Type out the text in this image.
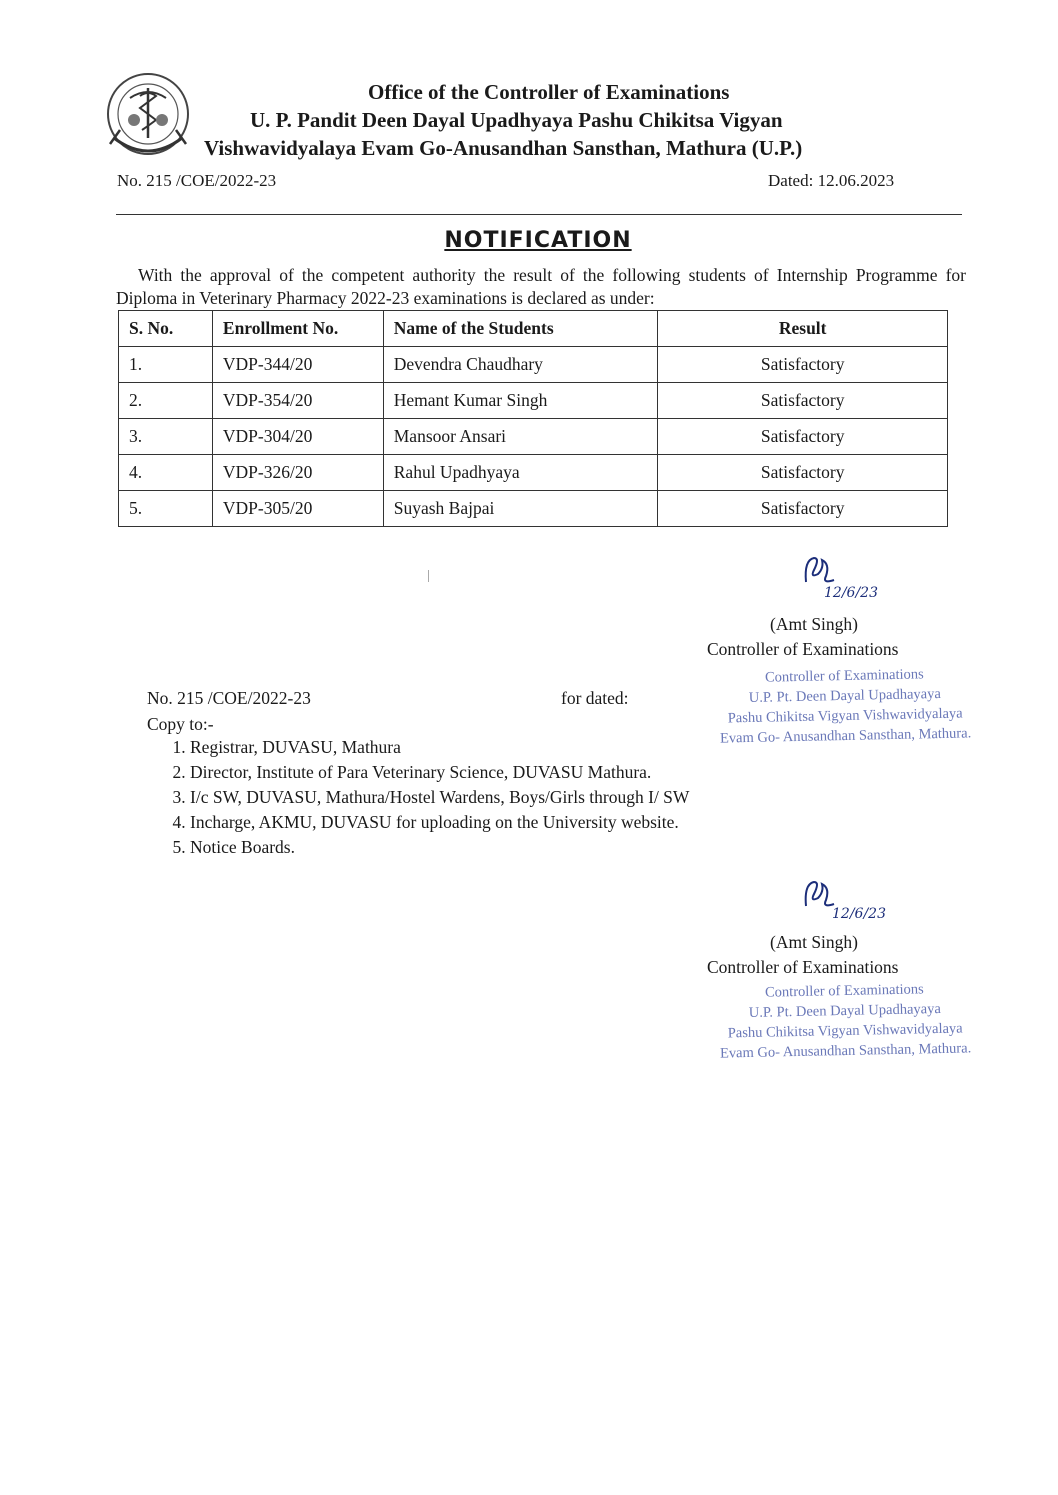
Office of the Controller of Examinations
U. P. Pandit Deen Dayal Upadhyaya Pashu Chikitsa Vigyan
Vishwavidyalaya Evam Go-Anusandhan Sansthan, Mathura (U.P.)
No. 215 /COE/2022-23	Dated: 12.06.2023
NOTIFICATION
With the approval of the competent authority the result of the following students of Internship Programme for Diploma in Veterinary Pharmacy 2022-23 examinations is declared as under:
S. No.	Enrollment No.	Name of the Students	Result
1.	VDP-344/20	Devendra Chaudhary	Satisfactory
2.	VDP-354/20	Hemant Kumar Singh	Satisfactory
3.	VDP-304/20	Mansoor Ansari	Satisfactory
4.	VDP-326/20	Rahul Upadhyaya	Satisfactory
5.	VDP-305/20	Suyash Bajpai	Satisfactory
12/6/23
(Amt Singh)
Controller of Examinations
Controller of Examinations
U.P. Pt. Deen Dayal Upadhayaya
Pashu Chikitsa Vigyan Vishwavidyalaya
Evam Go- Anusandhan Sansthan, Mathura.
No. 215 /COE/2022-23	for dated:
Copy to:-
1. Registrar, DUVASU, Mathura
2. Director, Institute of Para Veterinary Science, DUVASU Mathura.
3. I/c SW, DUVASU, Mathura/Hostel Wardens, Boys/Girls through I/ SW
4. Incharge, AKMU, DUVASU for uploading on the University website.
5. Notice Boards.
12/6/23
(Amt Singh)
Controller of Examinations
Controller of Examinations
U.P. Pt. Deen Dayal Upadhayaya
Pashu Chikitsa Vigyan Vishwavidyalaya
Evam Go- Anusandhan Sansthan, Mathura.
